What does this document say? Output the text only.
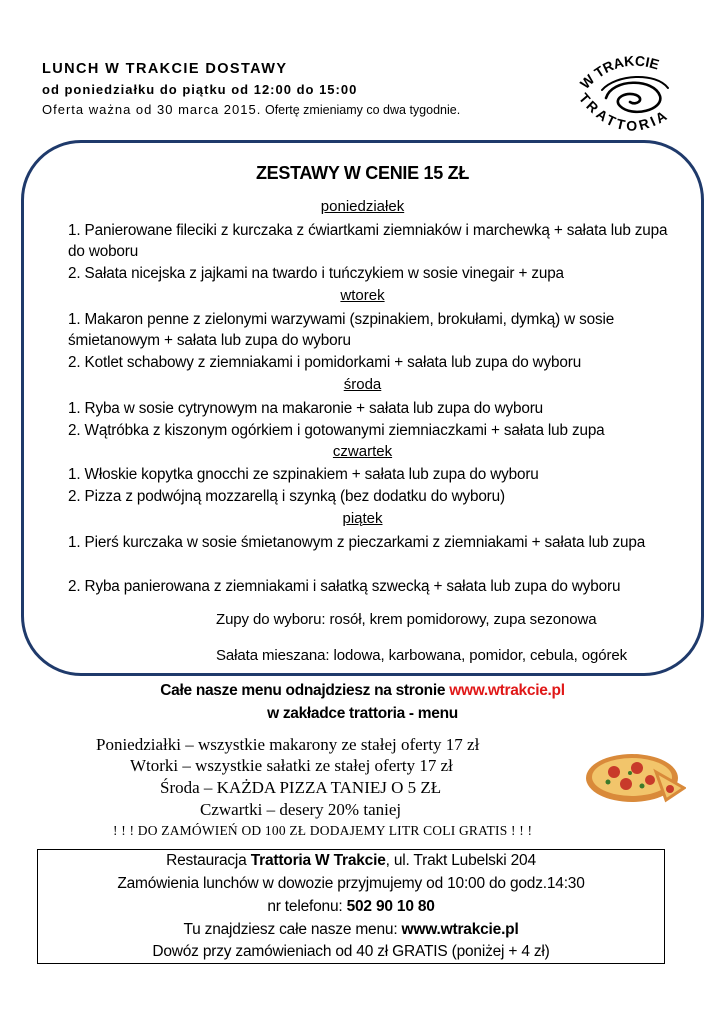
LUNCH W TRAKCIE DOSTAWY
od poniedziałku do piątku od 12:00 do 15:00
Oferta ważna od 30 marca 2015. Ofertę zmieniamy co dwa tygodnie.
W TRAKCIE
TRATTORIA
ZESTAWY W CENIE 15 ZŁ
poniedziałek
1. Panierowane fileciki z kurczaka z ćwiartkami ziemniaków i marchewką + sałata lub zupa do woboru
2. Sałata nicejska z jajkami na twardo i tuńczykiem w sosie vinegair + zupa
wtorek
1. Makaron penne z zielonymi warzywami (szpinakiem, brokułami, dymką) w sosie śmietanowym + sałata lub zupa do wyboru
2. Kotlet schabowy z ziemniakami i pomidorkami + sałata lub zupa do wyboru
środa
1. Ryba w sosie cytrynowym na makaronie + sałata lub zupa do wyboru
2. Wątróbka z kiszonym ogórkiem i gotowanymi ziemniaczkami + sałata lub zupa
czwartek
1. Włoskie kopytka gnocchi ze szpinakiem + sałata lub zupa do wyboru
2. Pizza z podwójną mozzarellą i szynką (bez dodatku do wyboru)
piątek
1. Pierś kurczaka w sosie śmietanowym z pieczarkami z ziemniakami + sałata lub zupa
2. Ryba panierowana z ziemniakami i sałatką szwecką + sałata lub zupa do wyboru
Zupy do wyboru: rosół, krem pomidorowy, zupa sezonowa
Sałata mieszana: lodowa, karbowana, pomidor, cebula, ogórek
Całe nasze menu odnajdziesz na stronie www.wtrakcie.pl
w zakładce trattoria - menu
Poniedziałki – wszystkie makarony ze stałej oferty 17 zł
Wtorki – wszystkie sałatki ze stałej oferty 17 zł
Środa – KAŻDA PIZZA TANIEJ O 5 ZŁ
Czwartki – desery 20% taniej
! ! ! DO ZAMÓWIEŃ OD 100 ZŁ DODAJEMY LITR COLI GRATIS ! ! !
Restauracja Trattoria W Trakcie, ul. Trakt Lubelski 204
Zamówienia lunchów w dowozie przyjmujemy od 10:00 do godz.14:30
nr telefonu: 502 90 10 80
Tu znajdziesz całe nasze menu: www.wtrakcie.pl
Dowóz przy zamówieniach od 40 zł GRATIS (poniżej + 4 zł)
